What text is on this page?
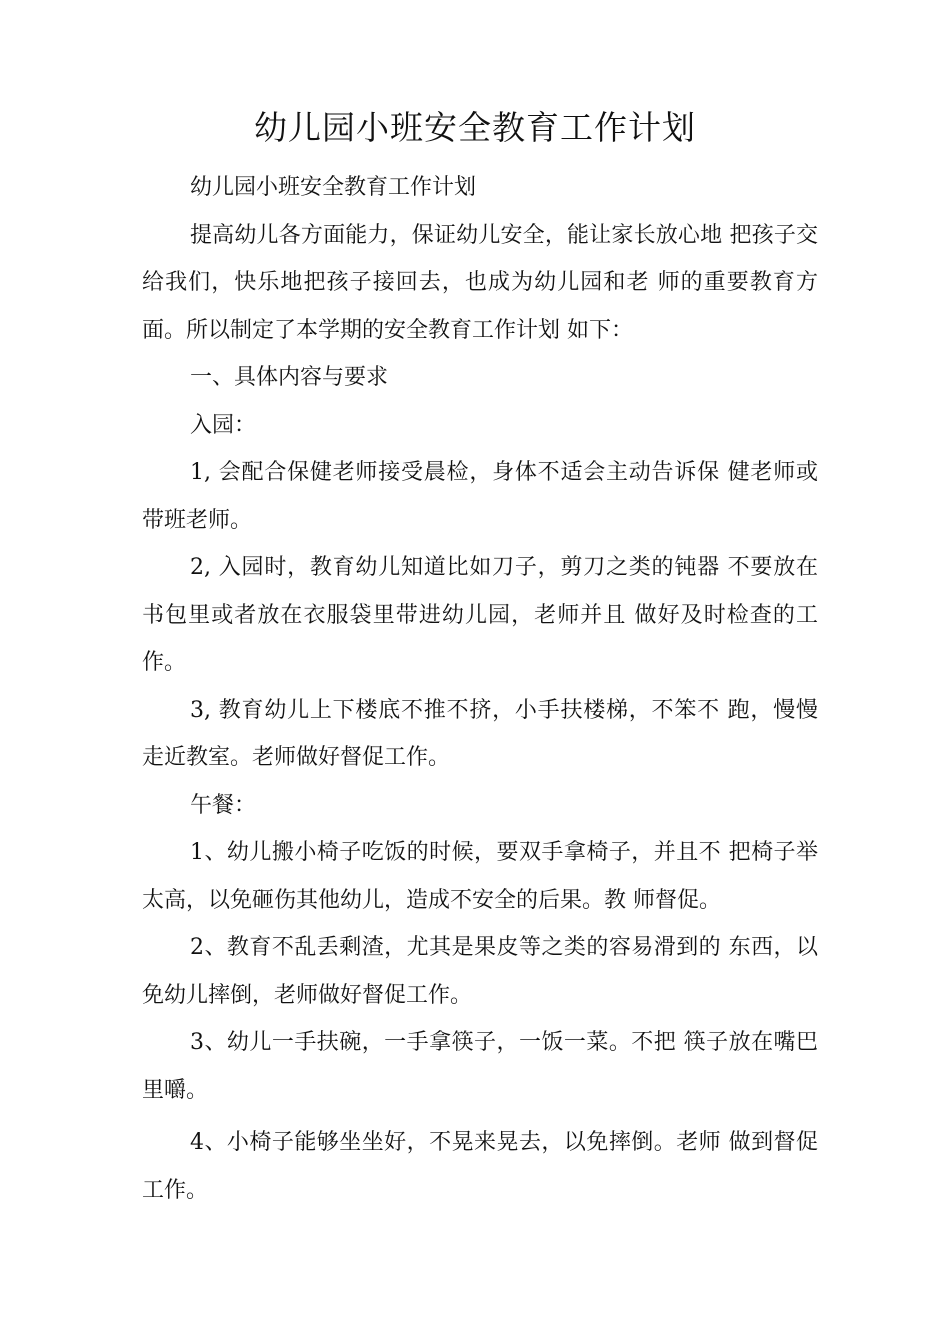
幼儿园小班安全教育工作计划

幼儿园小班安全教育工作计划

提高幼儿各方面能力，保证幼儿安全，能让家长放心地 把孩子交给我们，快乐地把孩子接回去，也成为幼儿园和老 师的重要教育方面。所以制定了本学期的安全教育工作计划 如下：

一、具体内容与要求

入园：

1, 会配合保健老师接受晨检，身体不适会主动告诉保 健老师或带班老师。

2, 入园时，教育幼儿知道比如刀子，剪刀之类的钝器 不要放在书包里或者放在衣服袋里带进幼儿园，老师并且 做好及时检查的工作。

3, 教育幼儿上下楼底不推不挤，小手扶楼梯，不笨不 跑，慢慢走近教室。老师做好督促工作。

午餐：

1、幼儿搬小椅子吃饭的时候，要双手拿椅子，并且不 把椅子举太高，以免砸伤其他幼儿，造成不安全的后果。教 师督促。

2、教育不乱丢剩渣，尤其是果皮等之类的容易滑到的 东西，以免幼儿摔倒，老师做好督促工作。

3、幼儿一手扶碗，一手拿筷子，一饭一菜。不把 筷子放在嘴巴里嚼。

4、小椅子能够坐坐好，不晃来晃去，以免摔倒。老师 做到督促工作。
